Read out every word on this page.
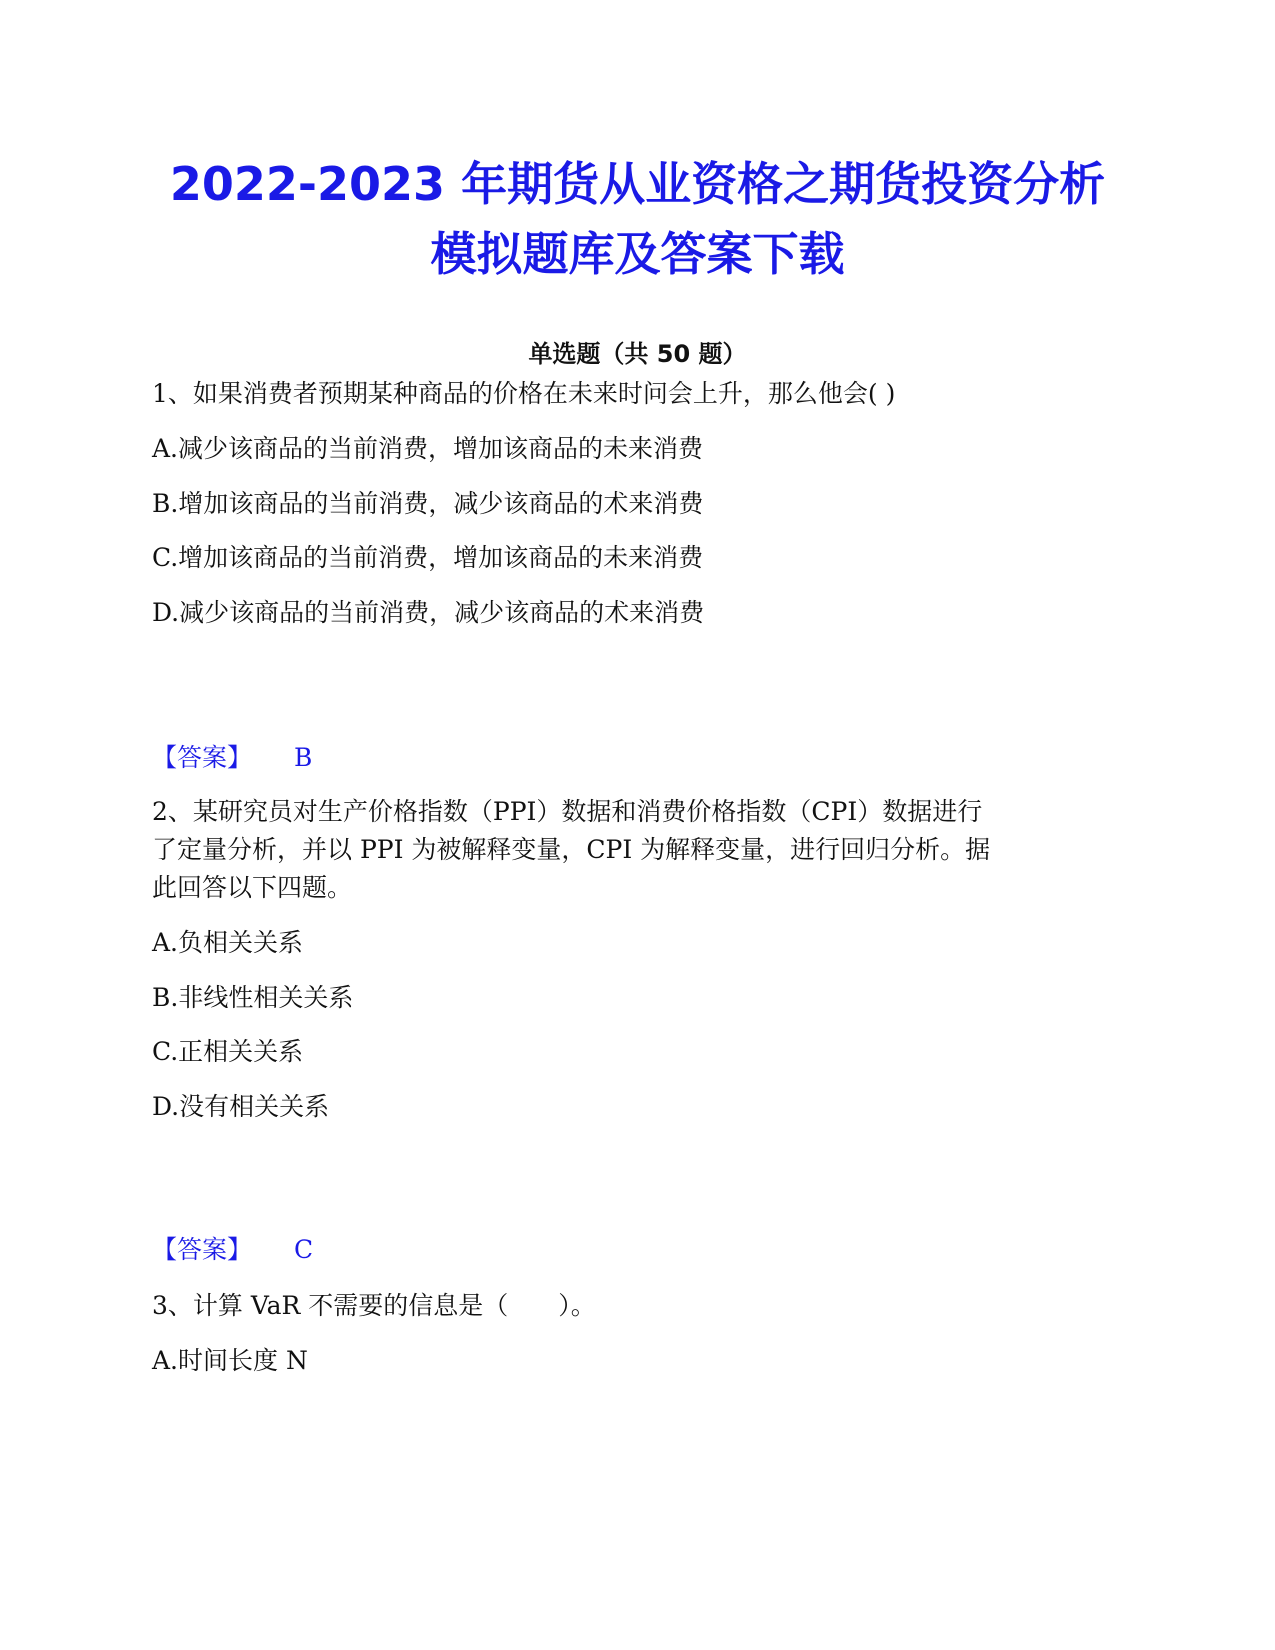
2022-2023 年期货从业资格之期货投资分析
模拟题库及答案下载
单选题（共 50 题）
1、如果消费者预期某种商品的价格在未来时问会上升，那么他会( )
A.减少该商品的当前消费，增加该商品的未来消费
B.增加该商品的当前消费，减少该商品的术来消费
C.增加该商品的当前消费，增加该商品的未来消费
D.减少该商品的当前消费，减少该商品的术来消费
【答案】 B
2、某研究员对生产价格指数（PPI）数据和消费价格指数（CPI）数据进行
了定量分析，并以 PPI 为被解释变量，CPI 为解释变量，进行回归分析。据
此回答以下四题。
A.负相关关系
B.非线性相关关系
C.正相关关系
D.没有相关关系
【答案】 C
3、计算 VaR 不需要的信息是（　　）。
A.时间长度 N
